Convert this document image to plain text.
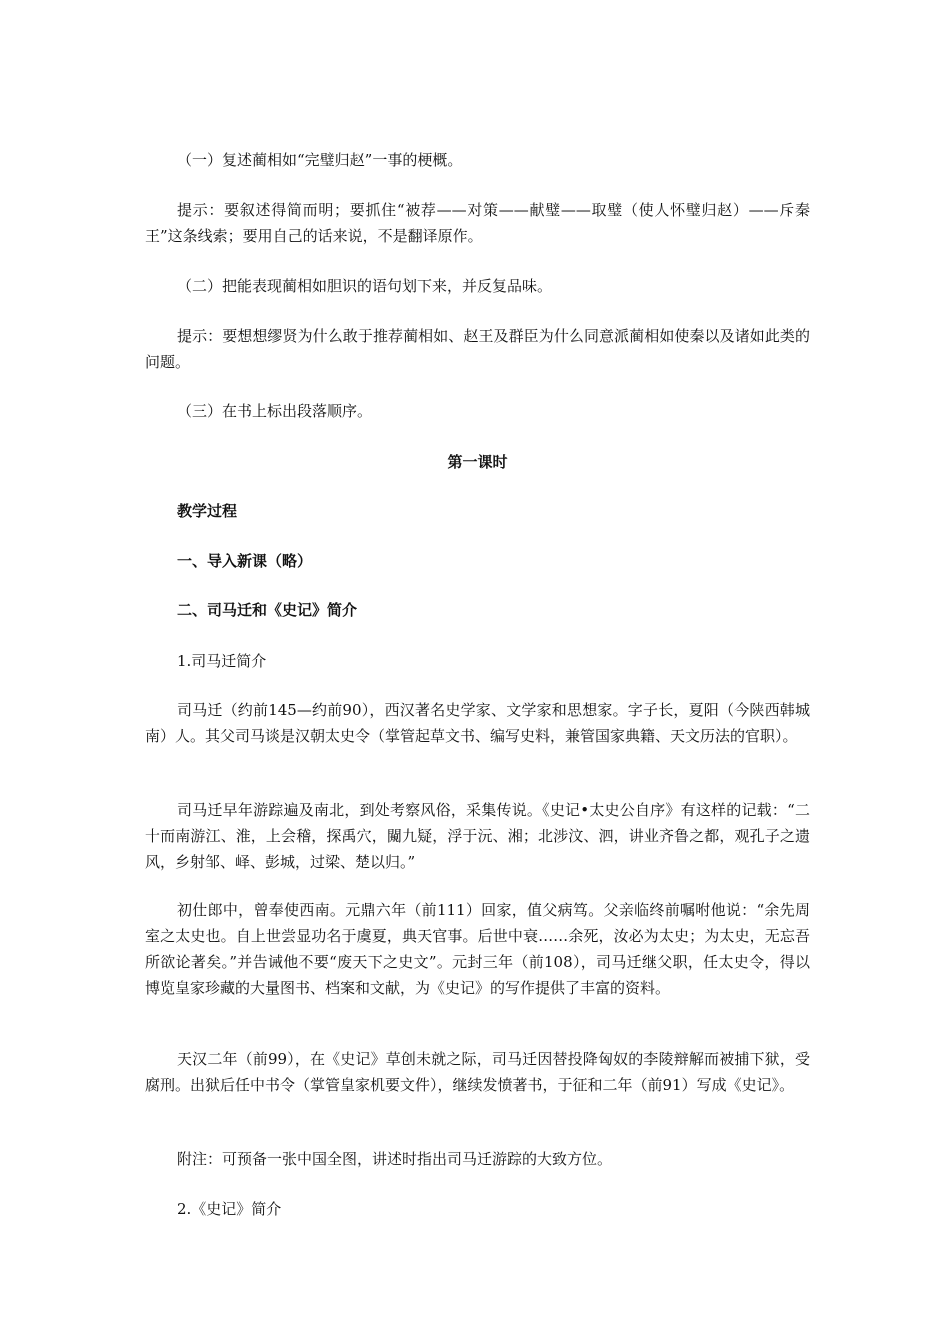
（一）复述蔺相如“完璧归赵”一事的梗概。

提示：要叙述得简而明；要抓住“被荐——对策——献璧——取璧（使人怀璧归赵）——斥秦王”这条线索；要用自己的话来说，不是翻译原作。

（二）把能表现蔺相如胆识的语句划下来，并反复品味。

提示：要想想缪贤为什么敢于推荐蔺相如、赵王及群臣为什么同意派蔺相如使秦以及诸如此类的问题。

（三）在书上标出段落顺序。

第一课时

教学过程

一、导入新课（略）

二、司马迁和《史记》简介

1.司马迁简介

司马迁（约前145—约前90），西汉著名史学家、文学家和思想家。字子长，夏阳（今陕西韩城南）人。其父司马谈是汉朝太史令（掌管起草文书、编写史料，兼管国家典籍、天文历法的官职）。

司马迁早年游踪遍及南北，到处考察风俗，采集传说。《史记•太史公自序》有这样的记载：“二十而南游江、淮，上会稽，探禹穴，闚九疑，浮于沅、湘；北涉汶、泗，讲业齐鲁之都，观孔子之遗风，乡射邹、峄、彭城，过梁、楚以归。”

初仕郎中，曾奉使西南。元鼎六年（前111）回家，值父病笃。父亲临终前嘱咐他说：“余先周室之太史也。自上世尝显功名于虞夏，典天官事。后世中衰……余死，汝必为太史；为太史，无忘吾所欲论著矣。”并告诫他不要“废天下之史文”。元封三年（前108），司马迁继父职，任太史令，得以博览皇家珍藏的大量图书、档案和文献，为《史记》的写作提供了丰富的资料。

天汉二年（前99），在《史记》草创未就之际，司马迁因替投降匈奴的李陵辩解而被捕下狱，受腐刑。出狱后任中书令（掌管皇家机要文件），继续发愤著书，于征和二年（前91）写成《史记》。

附注：可预备一张中国全图，讲述时指出司马迁游踪的大致方位。

2.《史记》简介
